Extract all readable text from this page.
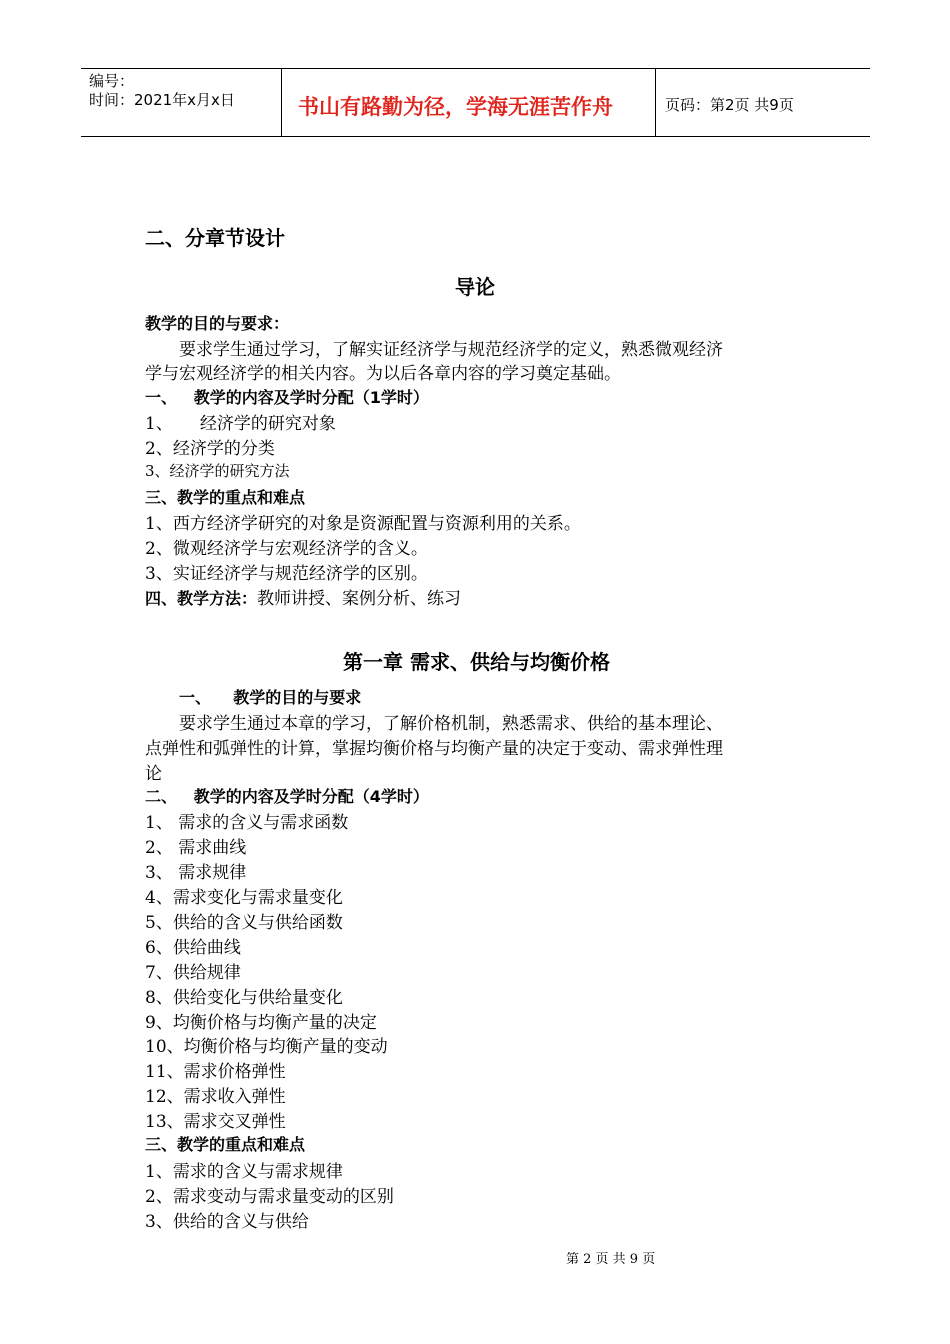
编号：
时间：2021年x月x日	书山有路勤为径，学海无涯苦作舟	页码：第2页 共9页
二、分章节设计
导论
教学的目的与要求：
要求学生通过学习，了解实证经济学与规范经济学的定义，熟悉微观经济
学与宏观经济学的相关内容。为以后各章内容的学习奠定基础。
一、   教学的内容及学时分配（1学时）
1、     经济学的研究对象
2、经济学的分类
3、经济学的研究方法
三、教学的重点和难点
1、西方经济学研究的对象是资源配置与资源利用的关系。
2、微观经济学与宏观经济学的含义。
3、实证经济学与规范经济学的区别。
四、教学方法：教师讲授、案例分析、练习
第一章 需求、供给与均衡价格
一、    教学的目的与要求
要求学生通过本章的学习，了解价格机制，熟悉需求、供给的基本理论、
点弹性和弧弹性的计算，掌握均衡价格与均衡产量的决定于变动、需求弹性理
论
二、   教学的内容及学时分配（4学时）
1、 需求的含义与需求函数
2、 需求曲线
3、 需求规律
4、需求变化与需求量变化
5、供给的含义与供给函数
6、供给曲线
7、供给规律
8、供给变化与供给量变化
9、均衡价格与均衡产量的决定
10、均衡价格与均衡产量的变动
11、需求价格弹性
12、需求收入弹性
13、需求交叉弹性
三、教学的重点和难点
1、需求的含义与需求规律
2、需求变动与需求量变动的区别
3、供给的含义与供给
第 2 页 共 9 页
